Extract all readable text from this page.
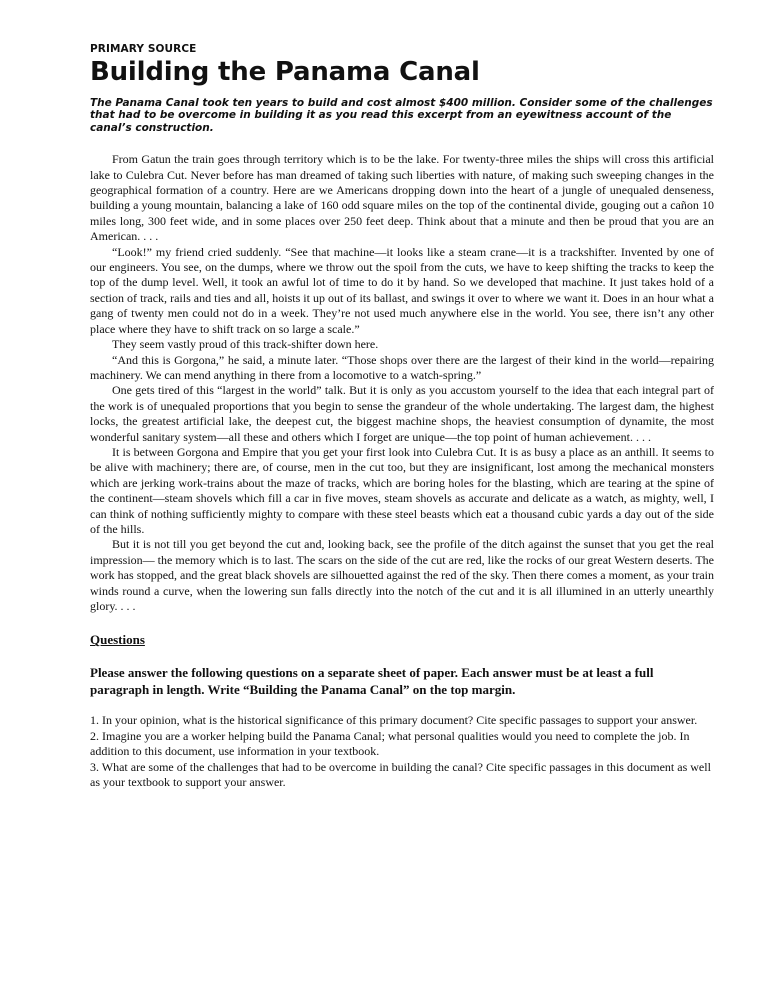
PRIMARY SOURCE
Building the Panama Canal
The Panama Canal took ten years to build and cost almost $400 million. Consider some of the challenges that had to be overcome in building it as you read this excerpt from an eyewitness account of the canal’s construction.

From Gatun the train goes through territory which is to be the lake. For twenty-three miles the ships will cross this artificial lake to Culebra Cut. Never before has man dreamed of taking such liberties with nature, of making such sweeping changes in the geographical formation of a country. Here are we Americans dropping down into the heart of a jungle of unequaled denseness, building a young mountain, balancing a lake of 160 odd square miles on the top of the continental divide, gouging out a cañon 10 miles long, 300 feet wide, and in some places over 250 feet deep. Think about that a minute and then be proud that you are an American. . . .

“Look!” my friend cried suddenly. “See that machine—it looks like a steam crane—it is a trackshifter. Invented by one of our engineers. You see, on the dumps, where we throw out the spoil from the cuts, we have to keep shifting the tracks to keep the top of the dump level. Well, it took an awful lot of time to do it by hand. So we developed that machine. It just takes hold of a section of track, rails and ties and all, hoists it up out of its ballast, and swings it over to where we want it. Does in an hour what a gang of twenty men could not do in a week. They’re not used much anywhere else in the world. You see, there isn’t any other place where they have to shift track on so large a scale.”

They seem vastly proud of this track-shifter down here.

“And this is Gorgona,” he said, a minute later. “Those shops over there are the largest of their kind in the world—repairing machinery. We can mend anything in there from a locomotive to a watch-spring.”

One gets tired of this “largest in the world” talk. But it is only as you accustom yourself to the idea that each integral part of the work is of unequaled proportions that you begin to sense the grandeur of the whole undertaking. The largest dam, the highest locks, the greatest artificial lake, the deepest cut, the biggest machine shops, the heaviest consumption of dynamite, the most wonderful sanitary system—all these and others which I forget are unique—the top point of human achievement. . . .

It is between Gorgona and Empire that you get your first look into Culebra Cut. It is as busy a place as an anthill. It seems to be alive with machinery; there are, of course, men in the cut too, but they are insignificant, lost among the mechanical monsters which are jerking work-trains about the maze of tracks, which are boring holes for the blasting, which are tearing at the spine of the continent—steam shovels which fill a car in five moves, steam shovels as accurate and delicate as a watch, as mighty, well, I can think of nothing sufficiently mighty to compare with these steel beasts which eat a thousand cubic yards a day out of the side of the hills.

But it is not till you get beyond the cut and, looking back, see the profile of the ditch against the sunset that you get the real impression— the memory which is to last. The scars on the side of the cut are red, like the rocks of our great Western deserts. The work has stopped, and the great black shovels are silhouetted against the red of the sky. Then there comes a moment, as your train winds round a curve, when the lowering sun falls directly into the notch of the cut and it is all illumined in an utterly unearthly glory. . . .

Questions
Please answer the following questions on a separate sheet of paper. Each answer must be at least a full paragraph in length. Write “Building the Panama Canal” on the top margin.
1. In your opinion, what is the historical significance of this primary document? Cite specific passages to support your answer.
2. Imagine you are a worker helping build the Panama Canal; what personal qualities would you need to complete the job. In addition to this document, use information in your textbook.
3. What are some of the challenges that had to be overcome in building the canal? Cite specific passages in this document as well as your textbook to support your answer.
